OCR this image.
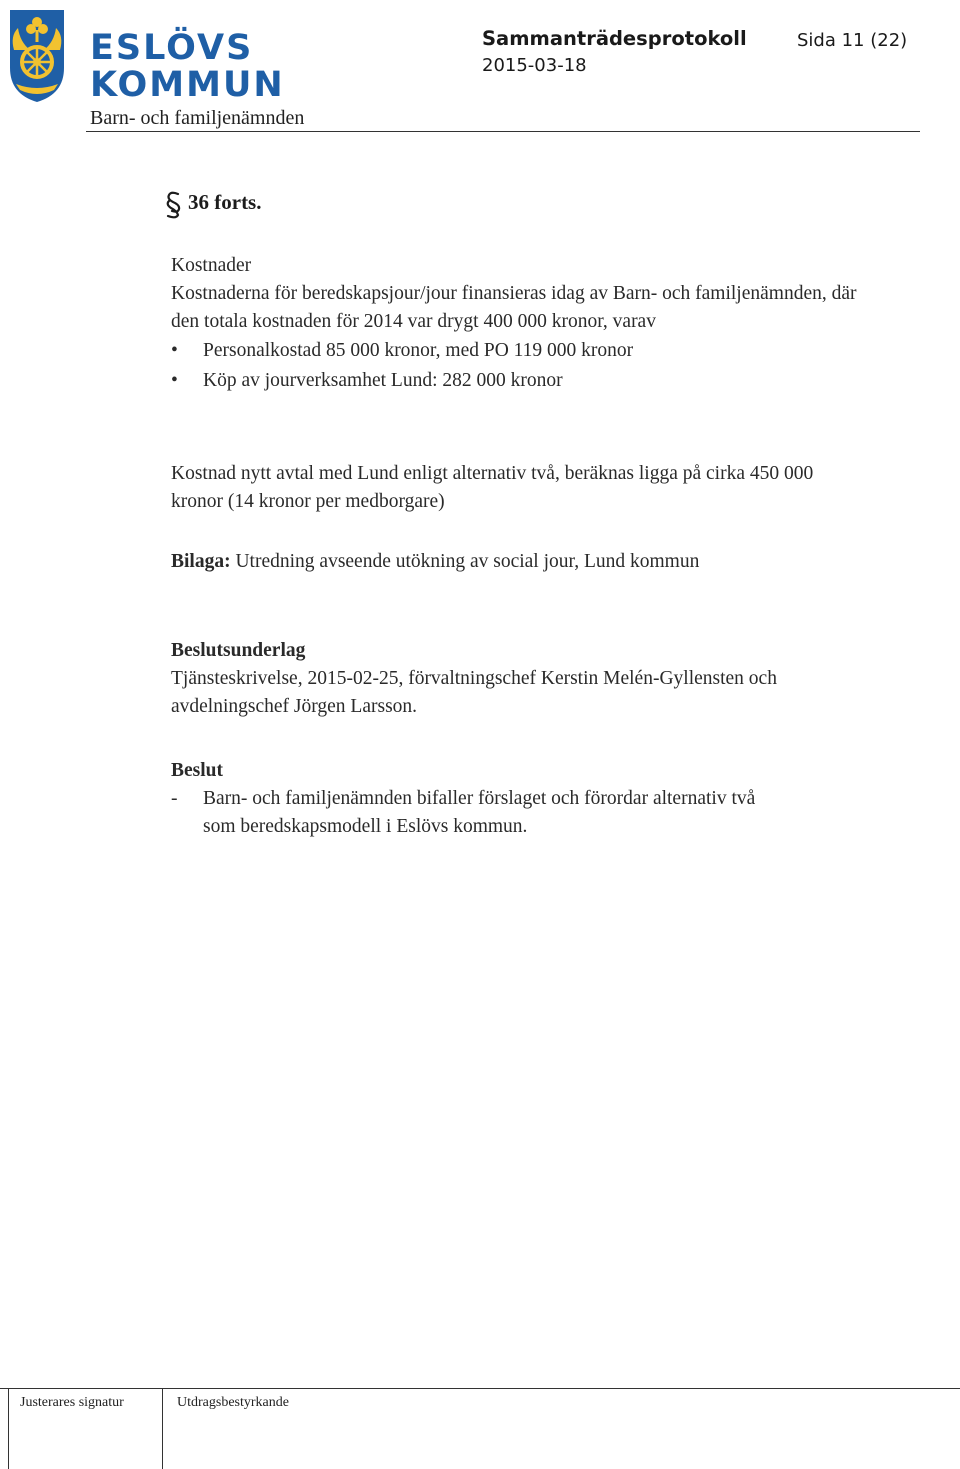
ESLÖVS
KOMMUN
Barn- och familjenämnden
Sammanträdesprotokoll
2015-03-18
Sida 11 (22)
36 forts.
Kostnader
Kostnaderna för beredskapsjour/jour finansieras idag av Barn- och familjenämnden, där den totala kostnaden för 2014 var drygt 400 000 kronor, varav
• Personalkostad 85 000 kronor, med PO 119 000 kronor
• Köp av jourverksamhet Lund: 282 000 kronor
Kostnad nytt avtal med Lund enligt alternativ två, beräknas ligga på cirka 450 000 kronor (14 kronor per medborgare)
Bilaga: Utredning avseende utökning av social jour, Lund kommun
Beslutsunderlag
Tjänsteskrivelse, 2015-02-25, förvaltningschef Kerstin Melén-Gyllensten och avdelningschef Jörgen Larsson.
Beslut
- Barn- och familjenämnden bifaller förslaget och förordar alternativ två som beredskapsmodell i Eslövs kommun.
Justerares signatur	Utdragsbestyrkande
